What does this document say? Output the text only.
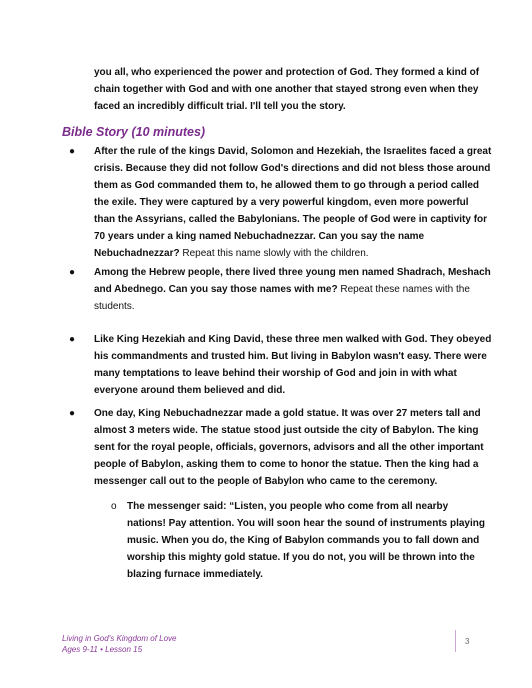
you all, who experienced the power and protection of God. They formed a kind of chain together with God and with one another that stayed strong even when they faced an incredibly difficult trial. I'll tell you the story.
Bible Story (10 minutes)
● After the rule of the kings David, Solomon and Hezekiah, the Israelites faced a great crisis. Because they did not follow God's directions and did not bless those around them as God commanded them to, he allowed them to go through a period called the exile. They were captured by a very powerful kingdom, even more powerful than the Assyrians, called the Babylonians. The people of God were in captivity for 70 years under a king named Nebuchadnezzar. Can you say the name Nebuchadnezzar? Repeat this name slowly with the children.
● Among the Hebrew people, there lived three young men named Shadrach, Meshach and Abednego. Can you say those names with me? Repeat these names with the students.
● Like King Hezekiah and King David, these three men walked with God. They obeyed his commandments and trusted him. But living in Babylon wasn't easy. There were many temptations to leave behind their worship of God and join in with what everyone around them believed and did.
● One day, King Nebuchadnezzar made a gold statue. It was over 27 meters tall and almost 3 meters wide. The statue stood just outside the city of Babylon. The king sent for the royal people, officials, governors, advisors and all the other important people of Babylon, asking them to come to honor the statue. Then the king had a messenger call out to the people of Babylon who came to the ceremony.
o The messenger said: “Listen, you people who come from all nearby nations! Pay attention. You will soon hear the sound of instruments playing music. When you do, the King of Babylon commands you to fall down and worship this mighty gold statue. If you do not, you will be thrown into the blazing furnace immediately.
Living in God's Kingdom of Love
Ages 9-11 • Lesson 15
3
